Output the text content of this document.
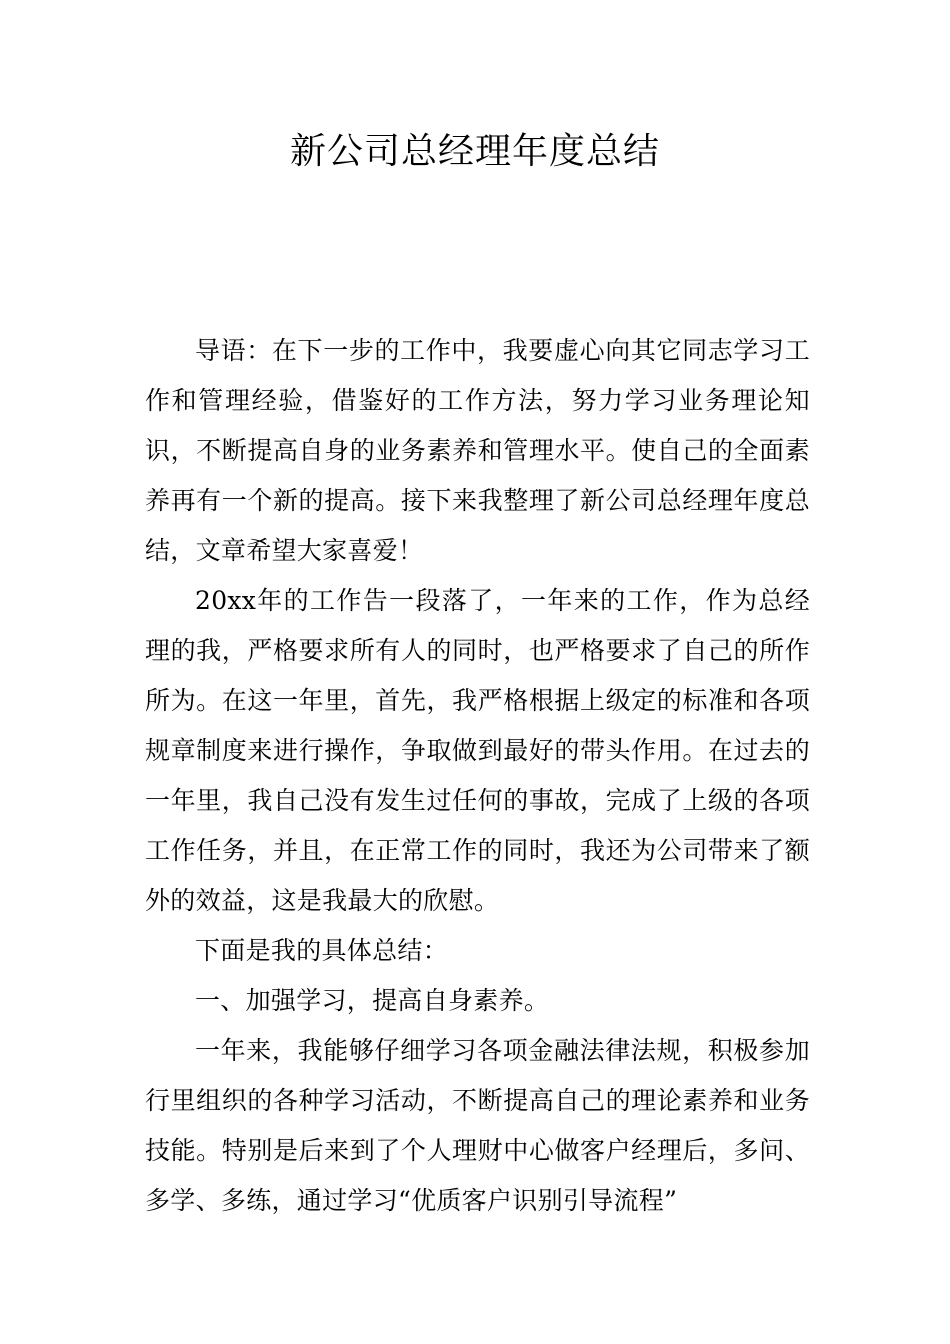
新公司总经理年度总结

导语：在下一步的工作中，我要虚心向其它同志学习工作和管理经验，借鉴好的工作方法，努力学习业务理论知识，不断提高自身的业务素养和管理水平。使自己的全面素养再有一个新的提高。接下来我整理了新公司总经理年度总结，文章希望大家喜爱！

20xx年的工作告一段落了，一年来的工作，作为总经理的我，严格要求所有人的同时，也严格要求了自己的所作所为。在这一年里，首先，我严格根据上级定的标准和各项规章制度来进行操作，争取做到最好的带头作用。在过去的一年里，我自己没有发生过任何的事故，完成了上级的各项工作任务，并且，在正常工作的同时，我还为公司带来了额外的效益，这是我最大的欣慰。

下面是我的具体总结：

一、加强学习，提高自身素养。

一年来，我能够仔细学习各项金融法律法规，积极参加行里组织的各种学习活动，不断提高自己的理论素养和业务技能。特别是后来到了个人理财中心做客户经理后，多问、多学、多练，通过学习“优质客户识别引导流程”
